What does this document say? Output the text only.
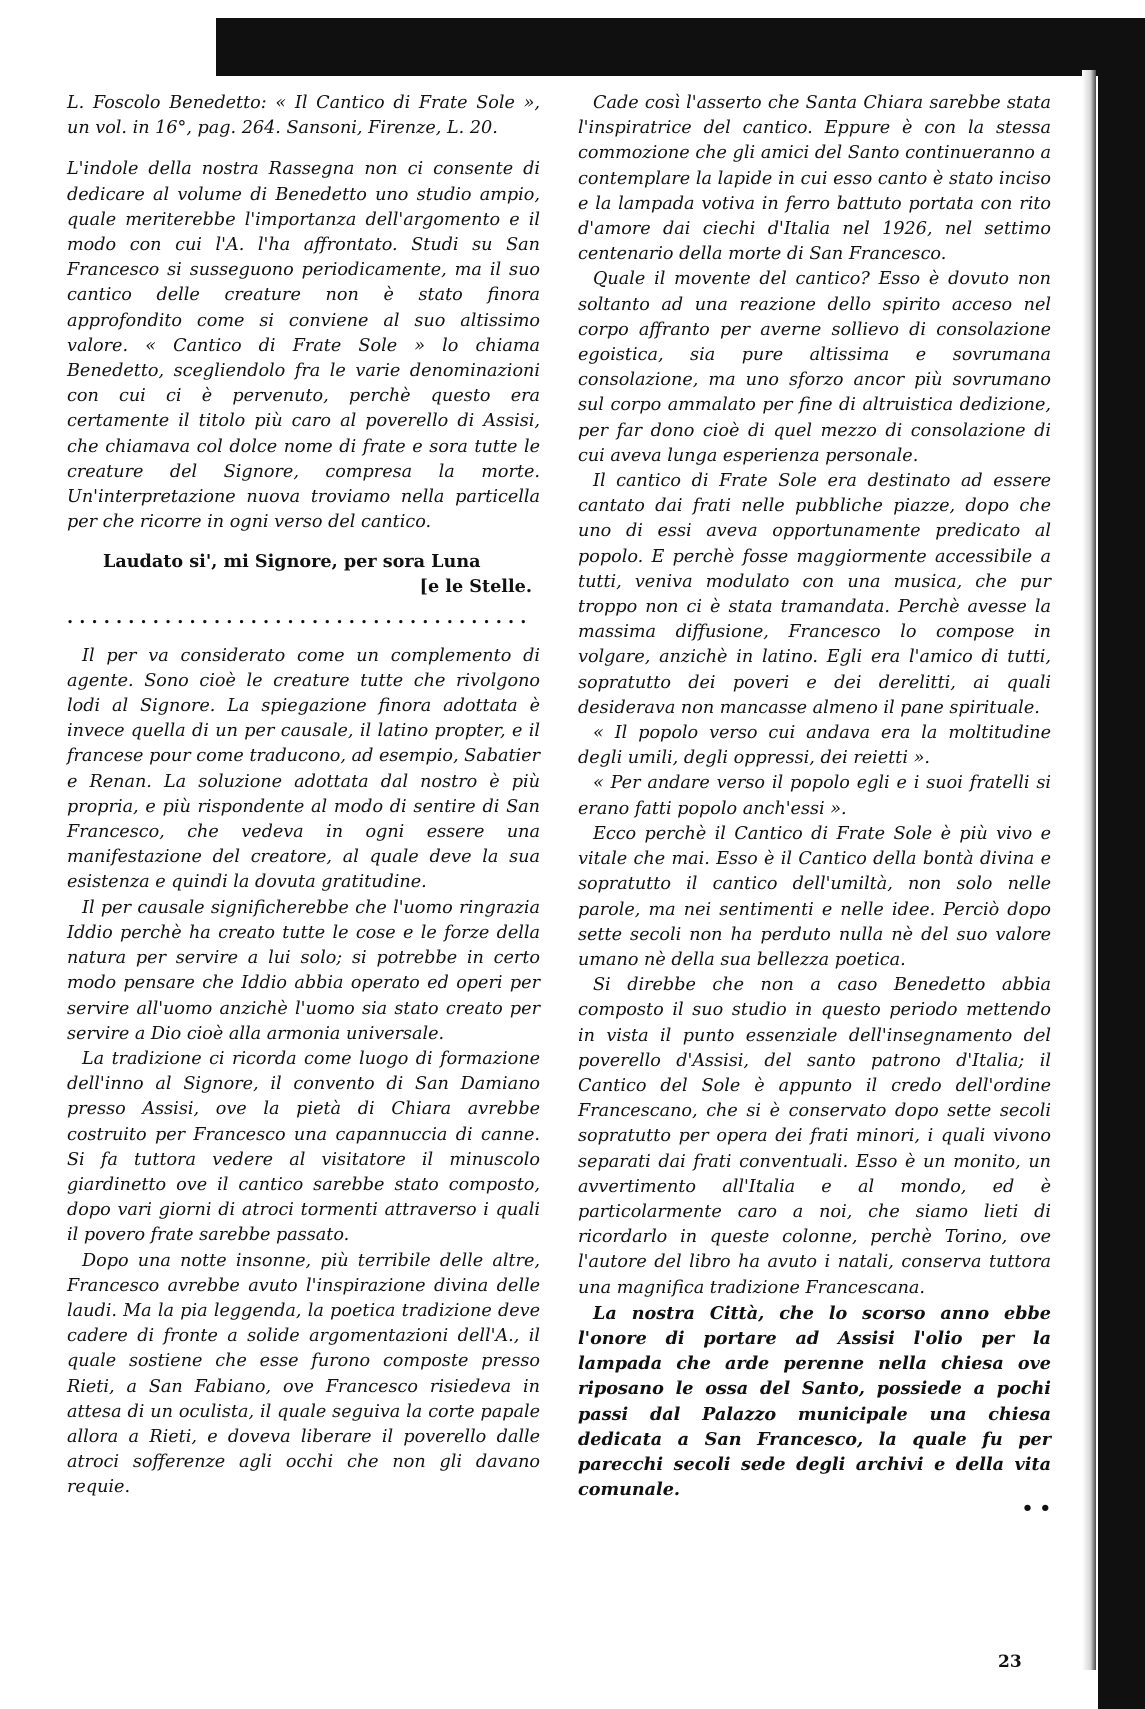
L. Foscolo Benedetto: « Il Cantico di Frate Sole », un vol. in 16°, pag. 264. Sansoni, Firenze, L. 20.

L'indole della nostra Rassegna non ci consente di dedicare al volume di Benedetto uno studio ampio, quale meriterebbe l'importanza dell'argomento e il modo con cui l'A. l'ha affrontato. Studi su San Francesco si susseguono periodicamente, ma il suo cantico delle creature non è stato finora approfondito come si conviene al suo altissimo valore. « Cantico di Frate Sole » lo chiama Benedetto, scegliendolo fra le varie denominazioni con cui ci è pervenuto, perchè questo era certamente il titolo più caro al poverello di Assisi, che chiamava col dolce nome di frate e sora tutte le creature del Signore, compresa la morte. Un'interpretazione nuova troviamo nella particella per che ricorre in ogni verso del cantico.

Laudato si', mi Signore, per sora Luna
[e le Stelle.
. . . . . . . . . . . . . . . . . . . . . . . . . . . . . . . . . . . . . .

Il per va considerato come un complemento di agente. Sono cioè le creature tutte che rivolgono lodi al Signore. La spiegazione finora adottata è invece quella di un per causale, il latino propter, e il francese pour come traducono, ad esempio, Sabatier e Renan. La soluzione adottata dal nostro è più propria, e più rispondente al modo di sentire di San Francesco, che vedeva in ogni essere una manifestazione del creatore, al quale deve la sua esistenza e quindi la dovuta gratitudine.

Il per causale significherebbe che l'uomo ringrazia Iddio perchè ha creato tutte le cose e le forze della natura per servire a lui solo; si potrebbe in certo modo pensare che Iddio abbia operato ed operi per servire all'uomo anzichè l'uomo sia stato creato per servire a Dio cioè alla armonia universale.

La tradizione ci ricorda come luogo di formazione dell'inno al Signore, il convento di San Damiano presso Assisi, ove la pietà di Chiara avrebbe costruito per Francesco una capannuccia di canne. Si fa tuttora vedere al visitatore il minuscolo giardinetto ove il cantico sarebbe stato composto, dopo vari giorni di atroci tormenti attraverso i quali il povero frate sarebbe passato.

Dopo una notte insonne, più terribile delle altre, Francesco avrebbe avuto l'inspirazione divina delle laudi. Ma la pia leggenda, la poetica tradizione deve cadere di fronte a solide argomentazioni dell'A., il quale sostiene che esse furono composte presso Rieti, a San Fabiano, ove Francesco risiedeva in attesa di un oculista, il quale seguiva la corte papale allora a Rieti, e doveva liberare il poverello dalle atroci sofferenze agli occhi che non gli davano requie.

Cade così l'asserto che Santa Chiara sarebbe stata l'inspiratrice del cantico. Eppure è con la stessa commozione che gli amici del Santo continueranno a contemplare la lapide in cui esso canto è stato inciso e la lampada votiva in ferro battuto portata con rito d'amore dai ciechi d'Italia nel 1926, nel settimo centenario della morte di San Francesco.

Quale il movente del cantico? Esso è dovuto non soltanto ad una reazione dello spirito acceso nel corpo affranto per averne sollievo di consolazione egoistica, sia pure altissima e sovrumana consolazione, ma uno sforzo ancor più sovrumano sul corpo ammalato per fine di altruistica dedizione, per far dono cioè di quel mezzo di consolazione di cui aveva lunga esperienza personale.

Il cantico di Frate Sole era destinato ad essere cantato dai frati nelle pubbliche piazze, dopo che uno di essi aveva opportunamente predicato al popolo. E perchè fosse maggiormente accessibile a tutti, veniva modulato con una musica, che pur troppo non ci è stata tramandata. Perchè avesse la massima diffusione, Francesco lo compose in volgare, anzichè in latino. Egli era l'amico di tutti, sopratutto dei poveri e dei derelitti, ai quali desiderava non mancasse almeno il pane spirituale.

« Il popolo verso cui andava era la moltitudine degli umili, degli oppressi, dei reietti ».

« Per andare verso il popolo egli e i suoi fratelli si erano fatti popolo anch'essi ».

Ecco perchè il Cantico di Frate Sole è più vivo e vitale che mai. Esso è il Cantico della bontà divina e sopratutto il cantico dell'umiltà, non solo nelle parole, ma nei sentimenti e nelle idee. Perciò dopo sette secoli non ha perduto nulla nè del suo valore umano nè della sua bellezza poetica.

Si direbbe che non a caso Benedetto abbia composto il suo studio in questo periodo mettendo in vista il punto essenziale dell'insegnamento del poverello d'Assisi, del santo patrono d'Italia; il Cantico del Sole è appunto il credo dell'ordine Francescano, che si è conservato dopo sette secoli sopratutto per opera dei frati minori, i quali vivono separati dai frati conventuali. Esso è un monito, un avvertimento all'Italia e al mondo, ed è particolarmente caro a noi, che siamo lieti di ricordarlo in queste colonne, perchè Torino, ove l'autore del libro ha avuto i natali, conserva tuttora una magnifica tradizione Francescana.

La nostra Città, che lo scorso anno ebbe l'onore di portare ad Assisi l'olio per la lampada che arde perenne nella chiesa ove riposano le ossa del Santo, possiede a pochi passi dal Palazzo municipale una chiesa dedicata a San Francesco, la quale fu per parecchi secoli sede degli archivi e della vita comunale.

• •
23
